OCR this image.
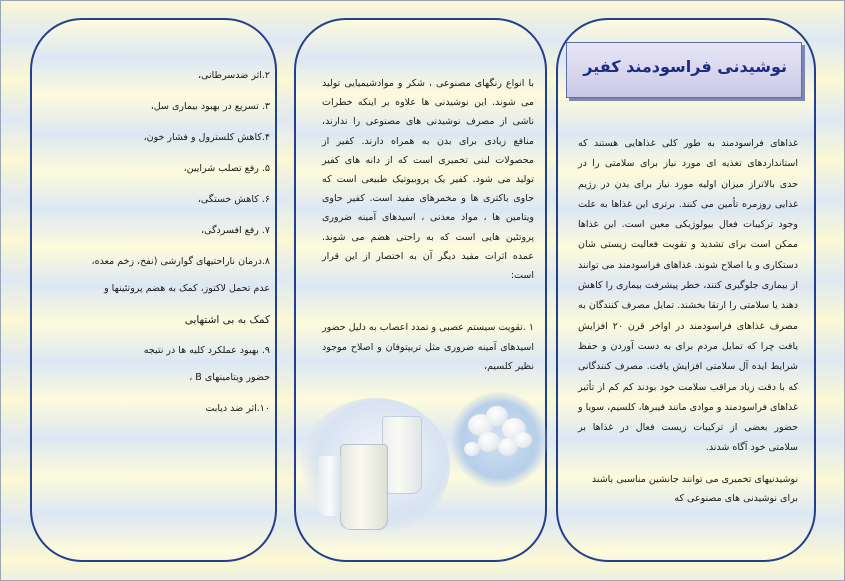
۲.اثر ضدسرطانی،
۳. تسریع در بهبود بیماری سل،
۴.کاهش کلسترول و فشار خون،
۵. رفع تصلب شرایین،
۶. کاهش خستگی،
۷. رفع افسردگی،
۸.درمان ناراحتیهای گوارشی (نفخ، زخم معده،
عدم تحمل لاکتوز، کمک به هضم پروتئینها و
کمک به بی اشتهایی
۹. بهبود عملکرد کلیه ها در نتیجه
حضور ویتامینهای B ،
۱۰.اثر ضد دیابت
با انواع رنگهای مصنوعی ، شکر و موادشیمیایی تولید می شوند. این نوشیدنی ها علاوه بر اینکه خطرات ناشی از مصرف نوشیدنی های مصنوعی را ندارند، منافع زیادی برای بدن به همراه دارند. کفیر از محصولات لبنی تخمیری است که از دانه های کفیر تولید می شود. کفیر یک پروبیوتیک طبیعی است که حاوی باکتری ها و مخمرهای مفید است. کفیر حاوی ویتامین ها ، مواد معدنی ، اسیدهای آمینه ضروری پروتئین هایی است که به راحتی هضم می شوند. عمده اثرات مفید دیگر آن به اختصار از این قرار است:
۱ .تقویت سیستم عصبی و تمدد اعصاب به دلیل حضور اسیدهای آمینه ضروری مثل تریپتوفان و اصلاح موجود نظیر کلسیم،
نوشیدنی فراسودمند کفیر
غذاهای فراسودمند به طور کلی غذاهایی هستند که استانداردهای تغذیه ای مورد نیاز برای سلامتی را در حدی بالاتراز میزان اولیه مورد نیاز برای بدن در رژیم غذایی روزمره تأمین می کنند. برتری این غذاها به علت وجود ترکیبات فعال بیولوژیکی معین است. این غذاها ممکن است برای تشدید و تقویت فعالیت زیستی شان دستکاری و یا اصلاح شوند. غذاهای فراسودمند می توانند از بیماری جلوگیری کنند، خطر پیشرفت بیماری را کاهش دهند یا سلامتی را ارتقا بخشند. تمایل مصرف کنندگان به مصرف غذاهای فراسودمند در اواخر قرن ۲۰ افزایش یافت چرا که تمایل مردم برای به دست آوردن و حفظ شرایط ایده آل سلامتی افزایش یافت. مصرف کنندگانی که با دقت زیاد مراقب سلامت خود بودند کم کم از تأثیر غذاهای فراسودمند و موادی مانند فیبرها، کلسیم، سویا و حضور بعضی از ترکیبات زیست فعال در غذاها بر سلامتی خود آگاه شدند.
نوشیدنیهای تخمیری می توانند جانشین مناسبی باشند برای نوشیدنی های مصنوعی که
